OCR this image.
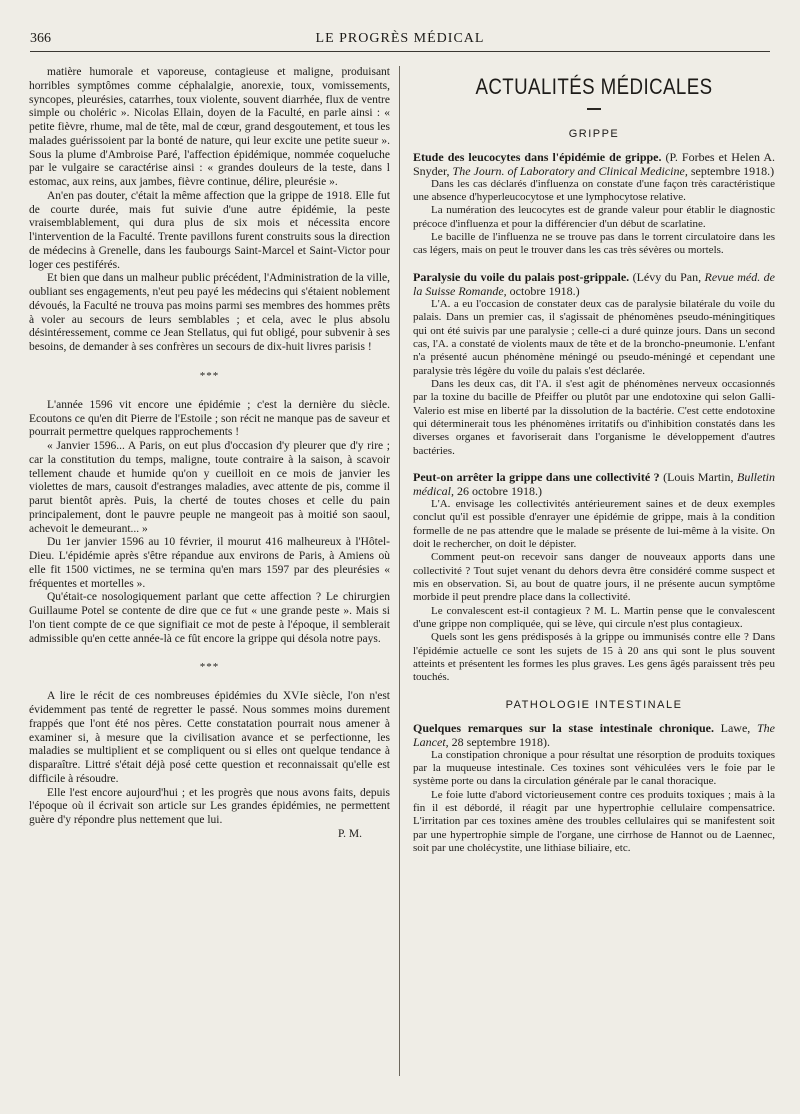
366	LE PROGRÈS MÉDICAL

matière humorale et vaporeuse, contagieuse et maligne, produisant horribles symptômes comme céphalalgie, anorexie, toux, vomissements, syncopes, pleurésies, catarrhes, toux violente, souvent diarrhée, flux de ventre simple ou choléric ». Nicolas Ellain, doyen de la Faculté, en parle ainsi : « petite fièvre, rhume, mal de tête, mal de cœur, grand desgoutement, et tous les malades guérissoient par la bonté de nature, qui leur excite une petite sueur ». Sous la plume d'Ambroise Paré, l'affection épidémique, nommée coqueluche par le vulgaire se caractérise ainsi : « grandes douleurs de la teste, dans l estomac, aux reins, aux jambes, fièvre continue, délire, pleurésie ».

An'en pas douter, c'était la même affection que la grippe de 1918. Elle fut de courte durée, mais fut suivie d'une autre épidémie, la peste vraisemblablement, qui dura plus de six mois et nécessita encore l'intervention de la Faculté. Trente pavillons furent construits sous la direction de médecins à Grenelle, dans les faubourgs Saint-Marcel et Saint-Victor pour loger ces pestiférés.

Et bien que dans un malheur public précédent, l'Administration de la ville, oubliant ses engagements, n'eut peu payé les médecins qui s'étaient noblement dévoués, la Faculté ne trouva pas moins parmi ses membres des hommes prêts à voler au secours de leurs semblables ; et cela, avec le plus absolu désintéressement, comme ce Jean Stellatus, qui fut obligé, pour subvenir à ses besoins, de demander à ses confrères un secours de dix-huit livres parisis !

***

L'année 1596 vit encore une épidémie ; c'est la dernière du siècle. Ecoutons ce qu'en dit Pierre de l'Estoile ; son récit ne manque pas de saveur et pourrait permettre quelques rapprochements !

« Janvier 1596... A Paris, on eut plus d'occasion d'y pleurer que d'y rire ; car la constitution du temps, maligne, toute contraire à la saison, à scavoir tellement chaude et humide qu'on y cueilloit en ce mois de janvier les violettes de mars, causoit d'estranges maladies, avec attente de pis, comme il parut bientôt après. Puis, la cherté de toutes choses et celle du pain principalement, dont le pauvre peuple ne mangeoit pas à moitié son saoul, achevoit le demeurant... »

Du 1er janvier 1596 au 10 février, il mourut 416 malheureux à l'Hôtel-Dieu. L'épidémie après s'être répandue aux environs de Paris, à Amiens où elle fit 1500 victimes, ne se termina qu'en mars 1597 par des pleurésies « fréquentes et mortelles ».

Qu'était-ce nosologiquement parlant que cette affection ? Le chirurgien Guillaume Potel se contente de dire que ce fut « une grande peste ». Mais si l'on tient compte de ce que signifiait ce mot de peste à l'époque, il semblerait admissible qu'en cette année-là ce fût encore la grippe qui désola notre pays.

***

A lire le récit de ces nombreuses épidémies du XVIe siècle, l'on n'est évidemment pas tenté de regretter le passé. Nous sommes moins durement frappés que l'ont été nos pères. Cette constatation pourrait nous amener à examiner si, à mesure que la civilisation avance et se perfectionne, les maladies se multiplient et se compliquent ou si elles ont quelque tendance à disparaître. Littré s'était déjà posé cette question et reconnaissait qu'elle est difficile à résoudre.

Elle l'est encore aujourd'hui ; et les progrès que nous avons faits, depuis l'époque où il écrivait son article sur Les grandes épidémies, ne permettent guère d'y répondre plus nettement que lui.

P. M.

ACTUALITÉS MÉDICALES
GRIPPE

Etude des leucocytes dans l'épidémie de grippe. (P. Forbes et Helen A. Snyder, The Journ. of Laboratory and Clinical Medicine, septembre 1918.)

Dans les cas déclarés d'influenza on constate d'une façon très caractéristique une absence d'hyperleucocytose et une lymphocytose relative.

La numération des leucocytes est de grande valeur pour établir le diagnostic précoce d'influenza et pour la différencier d'un début de scarlatine.

Le bacille de l'influenza ne se trouve pas dans le torrent circulatoire dans les cas légers, mais on peut le trouver dans les cas très sévères ou mortels.

Paralysie du voile du palais post-grippale. (Lévy du Pan, Revue méd. de la Suisse Romande, octobre 1918.)

L'A. a eu l'occasion de constater deux cas de paralysie bilatérale du voile du palais. Dans un premier cas, il s'agissait de phénomènes pseudo-méningitiques qui ont été suivis par une paralysie ; celle-ci a duré quinze jours. Dans un second cas, l'A. a constaté de violents maux de tête et de la broncho-pneumonie. L'enfant n'a présenté aucun phénomène méningé ou pseudo-méningé et cependant une paralysie très légère du voile du palais s'est déclarée.

Dans les deux cas, dit l'A. il s'est agit de phénomènes nerveux occasionnés par la toxine du bacille de Pfeiffer ou plutôt par une endotoxine qui selon Galli-Valerio est mise en liberté par la dissolution de la bactérie. C'est cette endotoxine qui déterminerait tous les phénomènes irritatifs ou d'inhibition constatés dans les diverses organes et favoriserait dans l'organisme le développement d'autres bactéries.

Peut-on arrêter la grippe dans une collectivité ? (Louis Martin, Bulletin médical, 26 octobre 1918.)

L'A. envisage les collectivités antérieurement saines et de deux exemples conclut qu'il est possible d'enrayer une épidémie de grippe, mais à la condition formelle de ne pas attendre que le malade se présente de lui-même à la visite. On doit le rechercher, on doit le dépister.

Comment peut-on recevoir sans danger de nouveaux apports dans une collectivité ? Tout sujet venant du dehors devra être considéré comme suspect et mis en observation. Si, au bout de quatre jours, il ne présente aucun symptôme morbide il peut prendre place dans la collectivité.

Le convalescent est-il contagieux ? M. L. Martin pense que le convalescent d'une grippe non compliquée, qui se lève, qui circule n'est plus contagieux.

Quels sont les gens prédisposés à la grippe ou immunisés contre elle ? Dans l'épidémie actuelle ce sont les sujets de 15 à 20 ans qui sont le plus souvent atteints et présentent les formes les plus graves. Les gens âgés paraissent très peu touchés.

PATHOLOGIE INTESTINALE

Quelques remarques sur la stase intestinale chronique. Lawe, The Lancet, 28 septembre 1918).

La constipation chronique a pour résultat une résorption de produits toxiques par la muqueuse intestinale. Ces toxines sont véhiculées vers le foie par le système porte ou dans la circulation générale par le canal thoracique.

Le foie lutte d'abord victorieusement contre ces produits toxiques ; mais à la fin il est débordé, il réagit par une hypertrophie cellulaire compensatrice. L'irritation par ces toxines amène des troubles cellulaires qui se manifestent soit par une hypertrophie simple de l'organe, une cirrhose de Hannot ou de Laennec, soit par une cholécystite, une lithiase biliaire, etc.
